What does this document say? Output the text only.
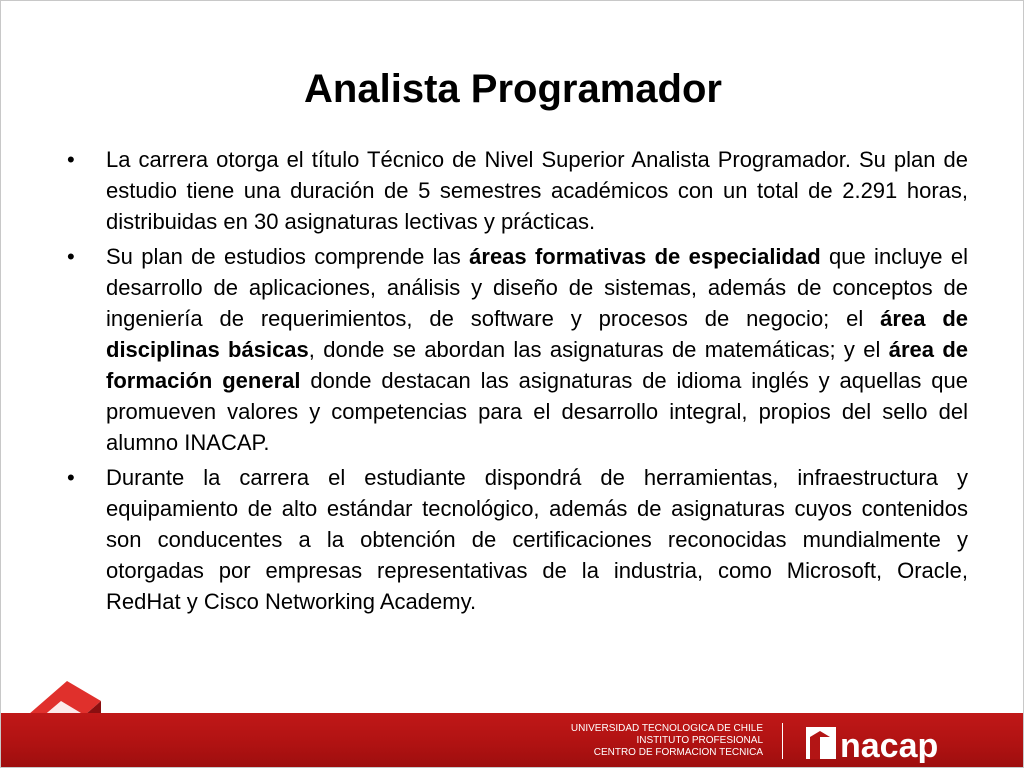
Analista Programador
• La carrera otorga el título Técnico de Nivel Superior Analista Programador. Su plan de estudio tiene una duración de 5 semestres académicos con un total de 2.291 horas, distribuidas en 30 asignaturas lectivas y prácticas.
• Su plan de estudios comprende las áreas formativas de especialidad que incluye el desarrollo de aplicaciones, análisis y diseño de sistemas, además de conceptos de ingeniería de requerimientos, de software y procesos de negocio; el área de disciplinas básicas, donde se abordan las asignaturas de matemáticas; y el área de formación general donde destacan las asignaturas de idioma inglés y aquellas que promueven valores y competencias para el desarrollo integral, propios del sello del alumno INACAP.
• Durante la carrera el estudiante dispondrá de herramientas, infraestructura y equipamiento de alto estándar tecnológico, además de asignaturas cuyos contenidos son conducentes a la obtención de certificaciones reconocidas mundialmente y otorgadas por empresas representativas de la industria, como Microsoft, Oracle, RedHat y Cisco Networking Academy.
UNIVERSIDAD TECNOLOGICA DE CHILE
INSTITUTO PROFESIONAL
CENTRO DE FORMACION TECNICA nacap
